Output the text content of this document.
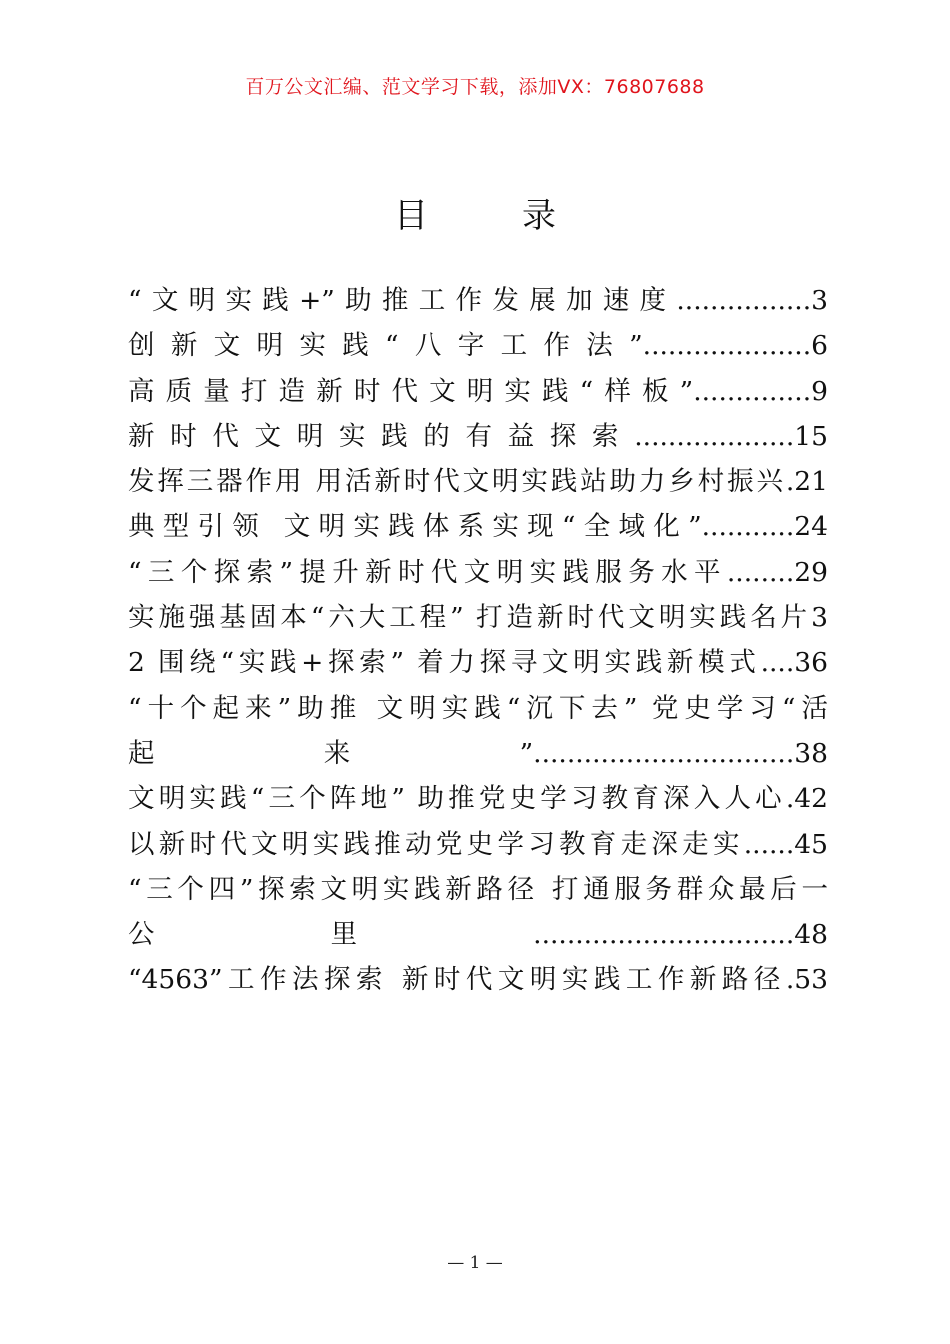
百万公文汇编、范文学习下载，添加VX：76807688
目　录
“文明实践+”助推工作发展加速度................3
创新文明实践“八字工作法”....................6
高质量打造新时代文明实践“样板”..............9
新时代文明实践的有益探索...................15
发挥三器作用 用活新时代文明实践站助力乡村振兴.21
典型引领 文明实践体系实现“全域化”...........24
“三个探索”提升新时代文明实践服务水平........29
实施强基固本“六大工程” 打造新时代文明实践名片3
2 围绕“实践+探索” 着力探寻文明实践新模式....36
“十个起来”助推 文明实践“沉下去” 党史学习“活
起来”...............................38
文明实践“三个阵地” 助推党史学习教育深入人心.42
以新时代文明实践推动党史学习教育走深走实......45
“三个四”探索文明实践新路径 打通服务群众最后一
公里...............................48
“4563”工作法探索 新时代文明实践工作新路径.53
— 1 —
